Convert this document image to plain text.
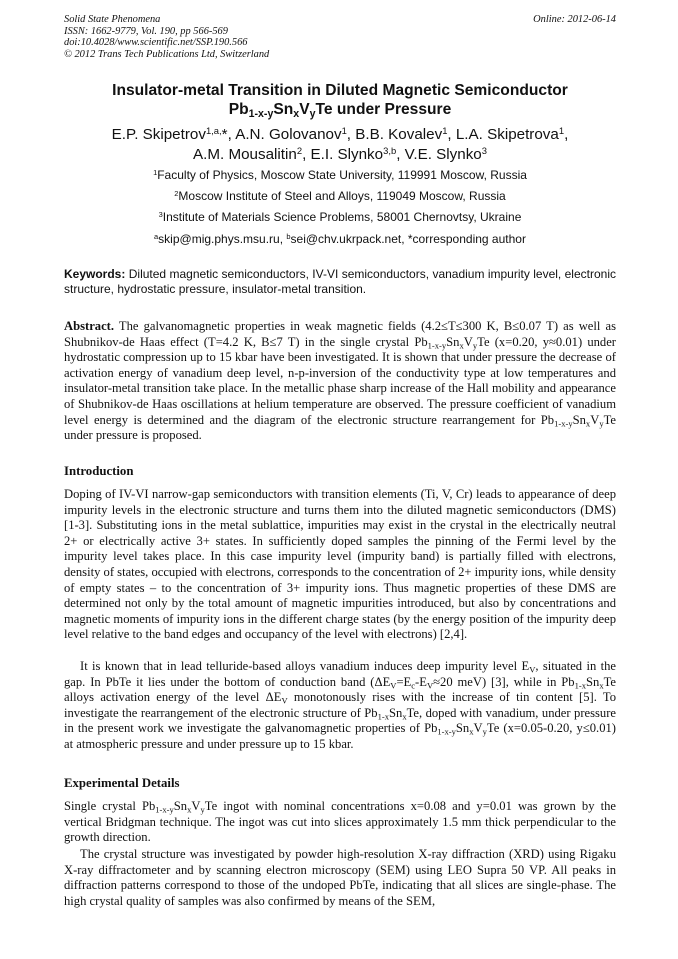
Solid State Phenomena
ISSN: 1662-9779, Vol. 190, pp 566-569
doi:10.4028/www.scientific.net/SSP.190.566
© 2012 Trans Tech Publications Ltd, Switzerland
Online: 2012-06-14
Insulator-metal Transition in Diluted Magnetic Semiconductor
$Pb_{1-x-y}Sn_xV_yTe$ under Pressure
E.P. Skipetrov$^{1,a,}$*, A.N. Golovanov$^1$, B.B. Kovalev$^1$, L.A. Skipetrova$^1$,
A.M. Mousalitin$^2$, E.I. Slynko$^{3,b}$, V.E. Slynko$^3$
$^1$Faculty of Physics, Moscow State University, 119991 Moscow, Russia
$^2$Moscow Institute of Steel and Alloys, 119049 Moscow, Russia
$^3$Institute of Materials Science Problems, 58001 Chernovtsy, Ukraine
$^a$skip@mig.phys.msu.ru, $^b$sei@chv.ukrpack.net, *corresponding author
Keywords: Diluted magnetic semiconductors, IV-VI semiconductors, vanadium impurity level, electronic structure, hydrostatic pressure, insulator-metal transition.
Abstract. The galvanomagnetic properties in weak magnetic fields (4.2≤T≤300 K, B≤0.07 T) as well as Shubnikov-de Haas effect (T=4.2 K, B≤7 T) in the single crystal $Pb_{1-x-y}Sn_xV_yTe$ (x=0.20, y≈0.01) under hydrostatic compression up to 15 kbar have been investigated. It is shown that under pressure the decrease of activation energy of vanadium deep level, n-p-inversion of the conductivity type at low temperatures and insulator-metal transition take place. In the metallic phase sharp increase of the Hall mobility and appearance of Shubnikov-de Haas oscillations at helium temperature are observed. The pressure coefficient of vanadium level energy is determined and the diagram of the electronic structure rearrangement for $Pb_{1-x-y}Sn_xV_yTe$ under pressure is proposed.
Introduction
Doping of IV-VI narrow-gap semiconductors with transition elements (Ti, V, Cr) leads to appearance of deep impurity levels in the electronic structure and turns them into the diluted magnetic semiconductors (DMS) [1-3]. Substituting ions in the metal sublattice, impurities may exist in the crystal in the electrically neutral 2+ or electrically active 3+ states. In sufficiently doped samples the pinning of the Fermi level by the impurity level takes place. In this case impurity level (impurity band) is partially filled with electrons, density of states, occupied with electrons, corresponds to the concentration of 2+ impurity ions, while density of empty states – to the concentration of 3+ impurity ions. Thus magnetic properties of these DMS are determined not only by the total amount of magnetic impurities introduced, but also by concentrations and magnetic moments of impurity ions in the different charge states (by the energy position of the impurity deep level relative to the band edges and occupancy of the level with electrons) [2,4].
It is known that in lead telluride-based alloys vanadium induces deep impurity level $E_V$, situated in the gap. In PbTe it lies under the bottom of conduction band ($\Delta E_V=E_c-E_V\approx 20$ meV) [3], while in $Pb_{1-x}Sn_xTe$ alloys activation energy of the level $\Delta E_V$ monotonously rises with the increase of tin content [5]. To investigate the rearrangement of the electronic structure of $Pb_{1-x}Sn_xTe$, doped with vanadium, under pressure in the present work we investigate the galvanomagnetic properties of $Pb_{1-x-y}Sn_xV_yTe$ (x=0.05-0.20, y≤0.01) at atmospheric pressure and under pressure up to 15 kbar.
Experimental Details
Single crystal $Pb_{1-x-y}Sn_xV_yTe$ ingot with nominal concentrations x=0.08 and y=0.01 was grown by the vertical Bridgman technique. The ingot was cut into slices approximately 1.5 mm thick perpendicular to the growth direction.
The crystal structure was investigated by powder high-resolution X-ray diffraction (XRD) using Rigaku X-ray diffractometer and by scanning electron microscopy (SEM) using LEO Supra 50 VP. All peaks in diffraction patterns correspond to those of the undoped PbTe, indicating that all slices are single-phase. The high crystal quality of samples was also confirmed by means of the SEM,
